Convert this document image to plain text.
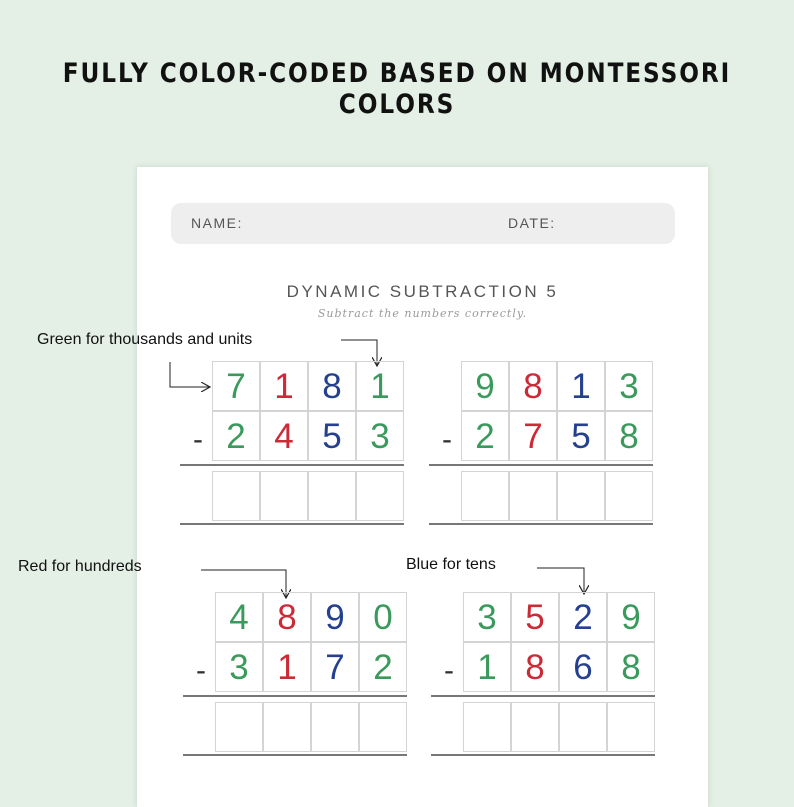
FULLY COLOR-CODED BASED ON MONTESSORI COLORS
NAME:	DATE:
DYNAMIC SUBTRACTION 5
Subtract the numbers correctly.
Green for thousands and units
Red for hundreds	Blue for tens
7
2
1
4
8
5
1
3
-
9
2
8
7
1
5
3
8
-
4
3
8
1
9
7
0
2
-
3
1
5
8
2
6
9
8
-
